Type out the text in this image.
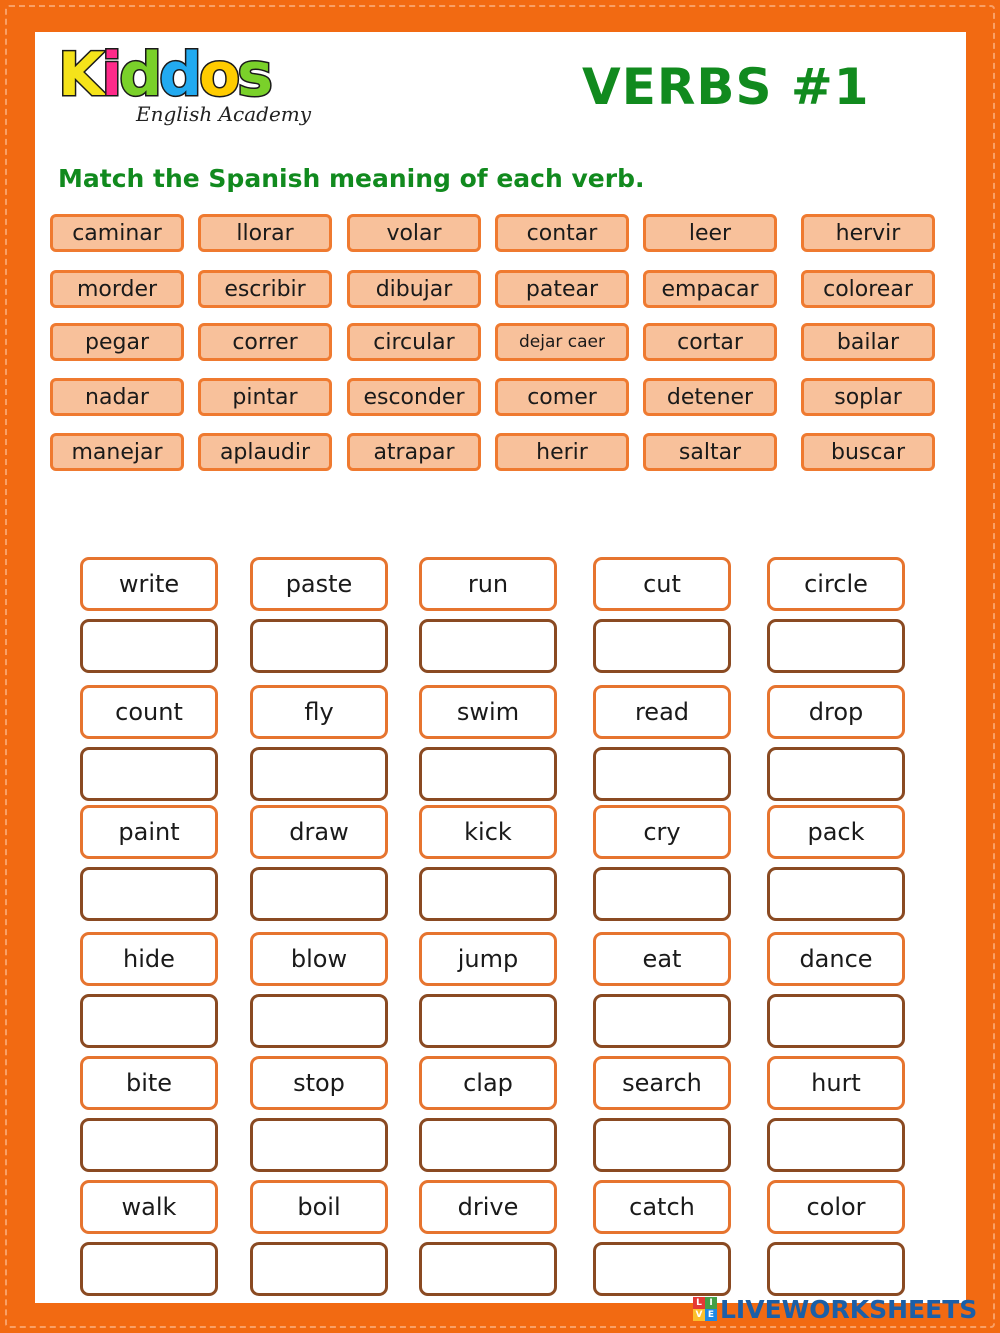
Kiddos
English Academy	VERBS #1
Match the Spanish meaning of each verb.
caminar	llorar	volar	contar	leer	hervir
morder	escribir	dibujar	patear	empacar	colorear
pegar	correr	circular	dejar caer	cortar	bailar
nadar	pintar	esconder	comer	detener	soplar
manejar	aplaudir	atrapar	herir	saltar	buscar
write	paste	run	cut	circle
count	fly	swim	read	drop
paint	draw	kick	cry	pack
hide	blow	jump	eat	dance
bite	stop	clap	search	hurt
walk	boil	drive	catch	color
L I
V E LIVEWORKSHEETS
